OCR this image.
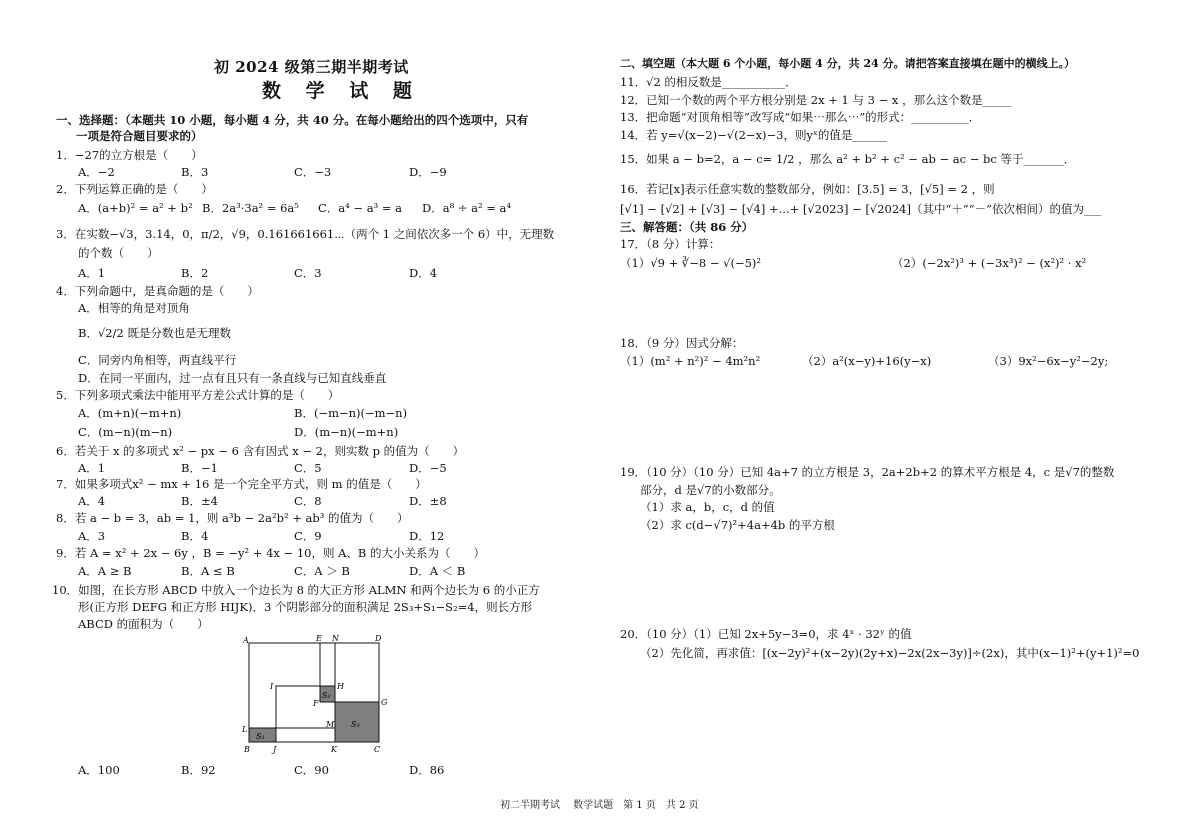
初 2024 级第三期半期考试
数 学 试 题
一、选择题：（本题共 10 小题，每小题 4 分，共 40 分。在每小题给出的四个选项中，只有
一项是符合题目要求的）
1．−27的立方根是（　　）
A．−2	B．3	C．−3	D．−9
2．下列运算正确的是（　　）
A．(a+b)² = a² + b² B．2a³·3a² = 6a⁵ C．a⁴ − a³ = a D．a⁸ ÷ a² = a⁴
3．在实数−√3，3.14，0，π/2，√9，0.161661661⋯（两个 1 之间依次多一个 6）中，无理数
的个数（　　）
A．1	B．2	C．3	D．4
4．下列命题中，是真命题的是（　　）
A．相等的角是对顶角
B．√2/2 既是分数也是无理数
C．同旁内角相等，两直线平行
D．在同一平面内，过一点有且只有一条直线与已知直线垂直
5．下列多项式乘法中能用平方差公式计算的是（　　）
A．(m+n)(−m+n)	B．(−m−n)(−m−n)
C．(m−n)(m−n)	D．(m−n)(−m+n)
6．若关于 x 的多项式 x² − px − 6 含有因式 x − 2，则实数 p 的值为（　　）
A．1	B．−1	C．5	D．−5
7．如果多项式x² − mx + 16 是一个完全平方式，则 m 的值是（　　）
A．4	B．±4	C．8	D．±8
8．若 a − b = 3，ab = 1，则 a³b − 2a²b² + ab³ 的值为（　　）
A．3	B．4	C．9	D．12
9．若 A = x² + 2x − 6y ，B = −y² + 4x − 10，则 A、B 的大小关系为（　　）
A．A ≥ B	B．A ≤ B	C．A ＞ B	D．A ＜ B
10．如图，在长方形 ABCD 中放入一个边长为 8 的大正方形 ALMN 和两个边长为 6 的小正方
形(正方形 DEFG 和正方形 HIJK)．3 个阴影部分的面积满足 2S₃+S₁−S₂=4，则长方形
ABCD 的面积为（　　）
A	E N	D
I	H
S₂
G
F
M S₃
L
S₁
B	J	K	C
A．100	B．92	C．90	D．86
二、填空题（本大题 6 个小题，每小题 4 分，共 24 分。请把答案直接填在题中的横线上。）
11．√2 的相反数是___________．
12．已知一个数的两个平方根分别是 2x + 1 与 3 − x ，那么这个数是_____
13．把命题“对顶角相等”改写成“如果⋯那么⋯”的形式：__________．
14．若 y=√(x−2)−√(2−x)−3，则yˣ的值是______
15．如果 a − b=2，a − c= 1/2 ，那么 a² + b² + c² − ab − ac − bc 等于_______．
16．若记[x]表示任意实数的整数部分，例如：[3.5] = 3，[√5] = 2 ，则
[√1] − [√2] + [√3] − [√4] +...+ [√2023] − [√2024]（其中“＋”“－”依次相间）的值为___
三、解答题：（共 86 分）
17．（8 分）计算：
（1）√9 + ∛−8 − √(−5)²	（2）(−2x²)³ + (−3x³)² − (x²)² · x²
18．（9 分）因式分解：
（1）(m² + n²)² − 4m²n²	（2）a²(x−y)+16(y−x)	（3）9x²−6x−y²−2y;
19．（10 分）（10 分）已知 4a+7 的立方根是 3，2a+2b+2 的算术平方根是 4，c 是√7的整数
部分，d 是√7的小数部分。
（1）求 a，b，c，d 的值
（2）求 c(d−√7)²+4a+4b 的平方根
20．（10 分）（1）已知 2x+5y−3=0，求 4ˣ · 32ʸ 的值
（2）先化简，再求值：[(x−2y)²+(x−2y)(2y+x)−2x(2x−3y)]÷(2x)，其中(x−1)²+(y+1)²=0
初二半期考试　 数学试题　第 1 页　共 2 页
